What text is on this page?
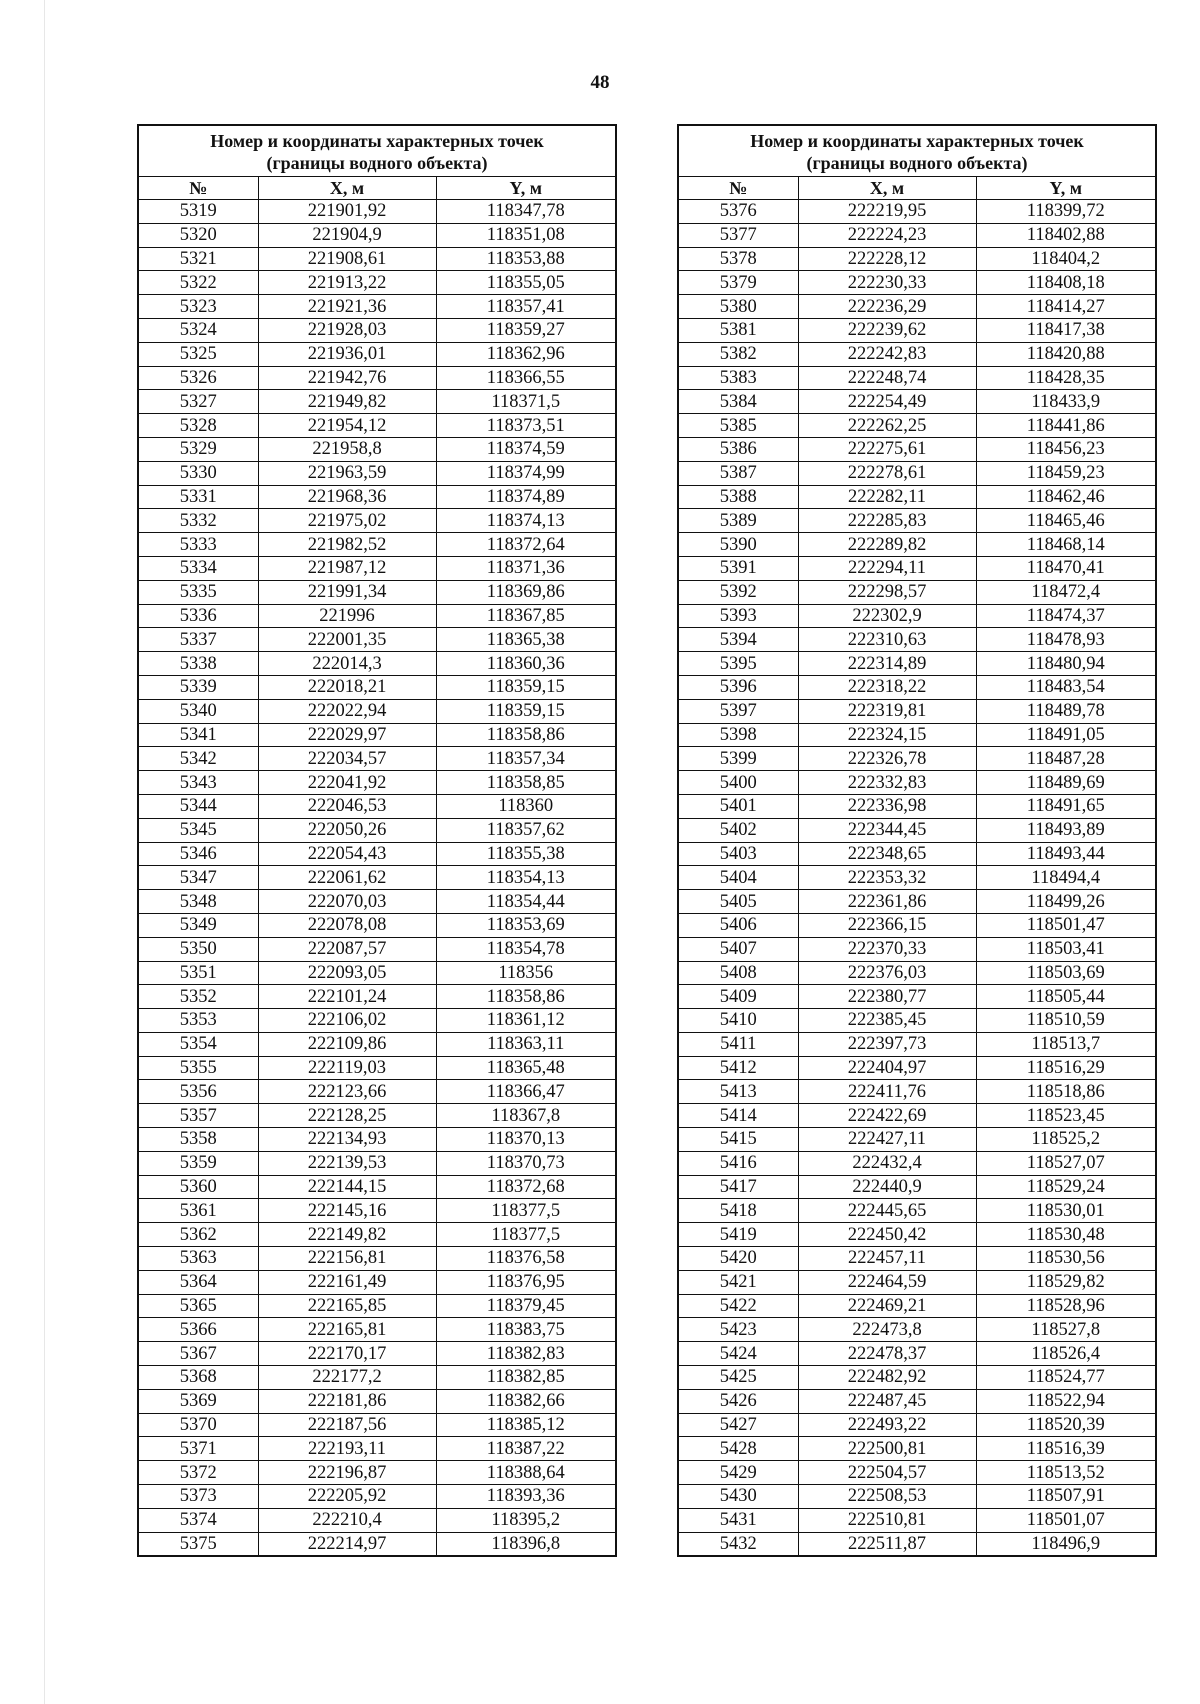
48
Номер и координаты характерных точек
(границы водного объекта)		

№	X, м	Y, м
5319	221901,92	118347,78
5320	221904,9	118351,08
5321	221908,61	118353,88
5322	221913,22	118355,05
5323	221921,36	118357,41
5324	221928,03	118359,27
5325	221936,01	118362,96
5326	221942,76	118366,55
5327	221949,82	118371,5
5328	221954,12	118373,51
5329	221958,8	118374,59
5330	221963,59	118374,99
5331	221968,36	118374,89
5332	221975,02	118374,13
5333	221982,52	118372,64
5334	221987,12	118371,36
5335	221991,34	118369,86
5336	221996	118367,85
5337	222001,35	118365,38
5338	222014,3	118360,36
5339	222018,21	118359,15
5340	222022,94	118359,15
5341	222029,97	118358,86
5342	222034,57	118357,34
5343	222041,92	118358,85
5344	222046,53	118360
5345	222050,26	118357,62
5346	222054,43	118355,38
5347	222061,62	118354,13
5348	222070,03	118354,44
5349	222078,08	118353,69
5350	222087,57	118354,78
5351	222093,05	118356
5352	222101,24	118358,86
5353	222106,02	118361,12
5354	222109,86	118363,11
5355	222119,03	118365,48
5356	222123,66	118366,47
5357	222128,25	118367,8
5358	222134,93	118370,13
5359	222139,53	118370,73
5360	222144,15	118372,68
5361	222145,16	118377,5
5362	222149,82	118377,5
5363	222156,81	118376,58
5364	222161,49	118376,95
5365	222165,85	118379,45
5366	222165,81	118383,75
5367	222170,17	118382,83
5368	222177,2	118382,85
5369	222181,86	118382,66
5370	222187,56	118385,12
5371	222193,11	118387,22
5372	222196,87	118388,64
5373	222205,92	118393,36
5374	222210,4	118395,2
5375	222214,97	118396,8
Номер и координаты характерных точек
(границы водного объекта)		

№	X, м	Y, м
5376	222219,95	118399,72
5377	222224,23	118402,88
5378	222228,12	118404,2
5379	222230,33	118408,18
5380	222236,29	118414,27
5381	222239,62	118417,38
5382	222242,83	118420,88
5383	222248,74	118428,35
5384	222254,49	118433,9
5385	222262,25	118441,86
5386	222275,61	118456,23
5387	222278,61	118459,23
5388	222282,11	118462,46
5389	222285,83	118465,46
5390	222289,82	118468,14
5391	222294,11	118470,41
5392	222298,57	118472,4
5393	222302,9	118474,37
5394	222310,63	118478,93
5395	222314,89	118480,94
5396	222318,22	118483,54
5397	222319,81	118489,78
5398	222324,15	118491,05
5399	222326,78	118487,28
5400	222332,83	118489,69
5401	222336,98	118491,65
5402	222344,45	118493,89
5403	222348,65	118493,44
5404	222353,32	118494,4
5405	222361,86	118499,26
5406	222366,15	118501,47
5407	222370,33	118503,41
5408	222376,03	118503,69
5409	222380,77	118505,44
5410	222385,45	118510,59
5411	222397,73	118513,7
5412	222404,97	118516,29
5413	222411,76	118518,86
5414	222422,69	118523,45
5415	222427,11	118525,2
5416	222432,4	118527,07
5417	222440,9	118529,24
5418	222445,65	118530,01
5419	222450,42	118530,48
5420	222457,11	118530,56
5421	222464,59	118529,82
5422	222469,21	118528,96
5423	222473,8	118527,8
5424	222478,37	118526,4
5425	222482,92	118524,77
5426	222487,45	118522,94
5427	222493,22	118520,39
5428	222500,81	118516,39
5429	222504,57	118513,52
5430	222508,53	118507,91
5431	222510,81	118501,07
5432	222511,87	118496,9
